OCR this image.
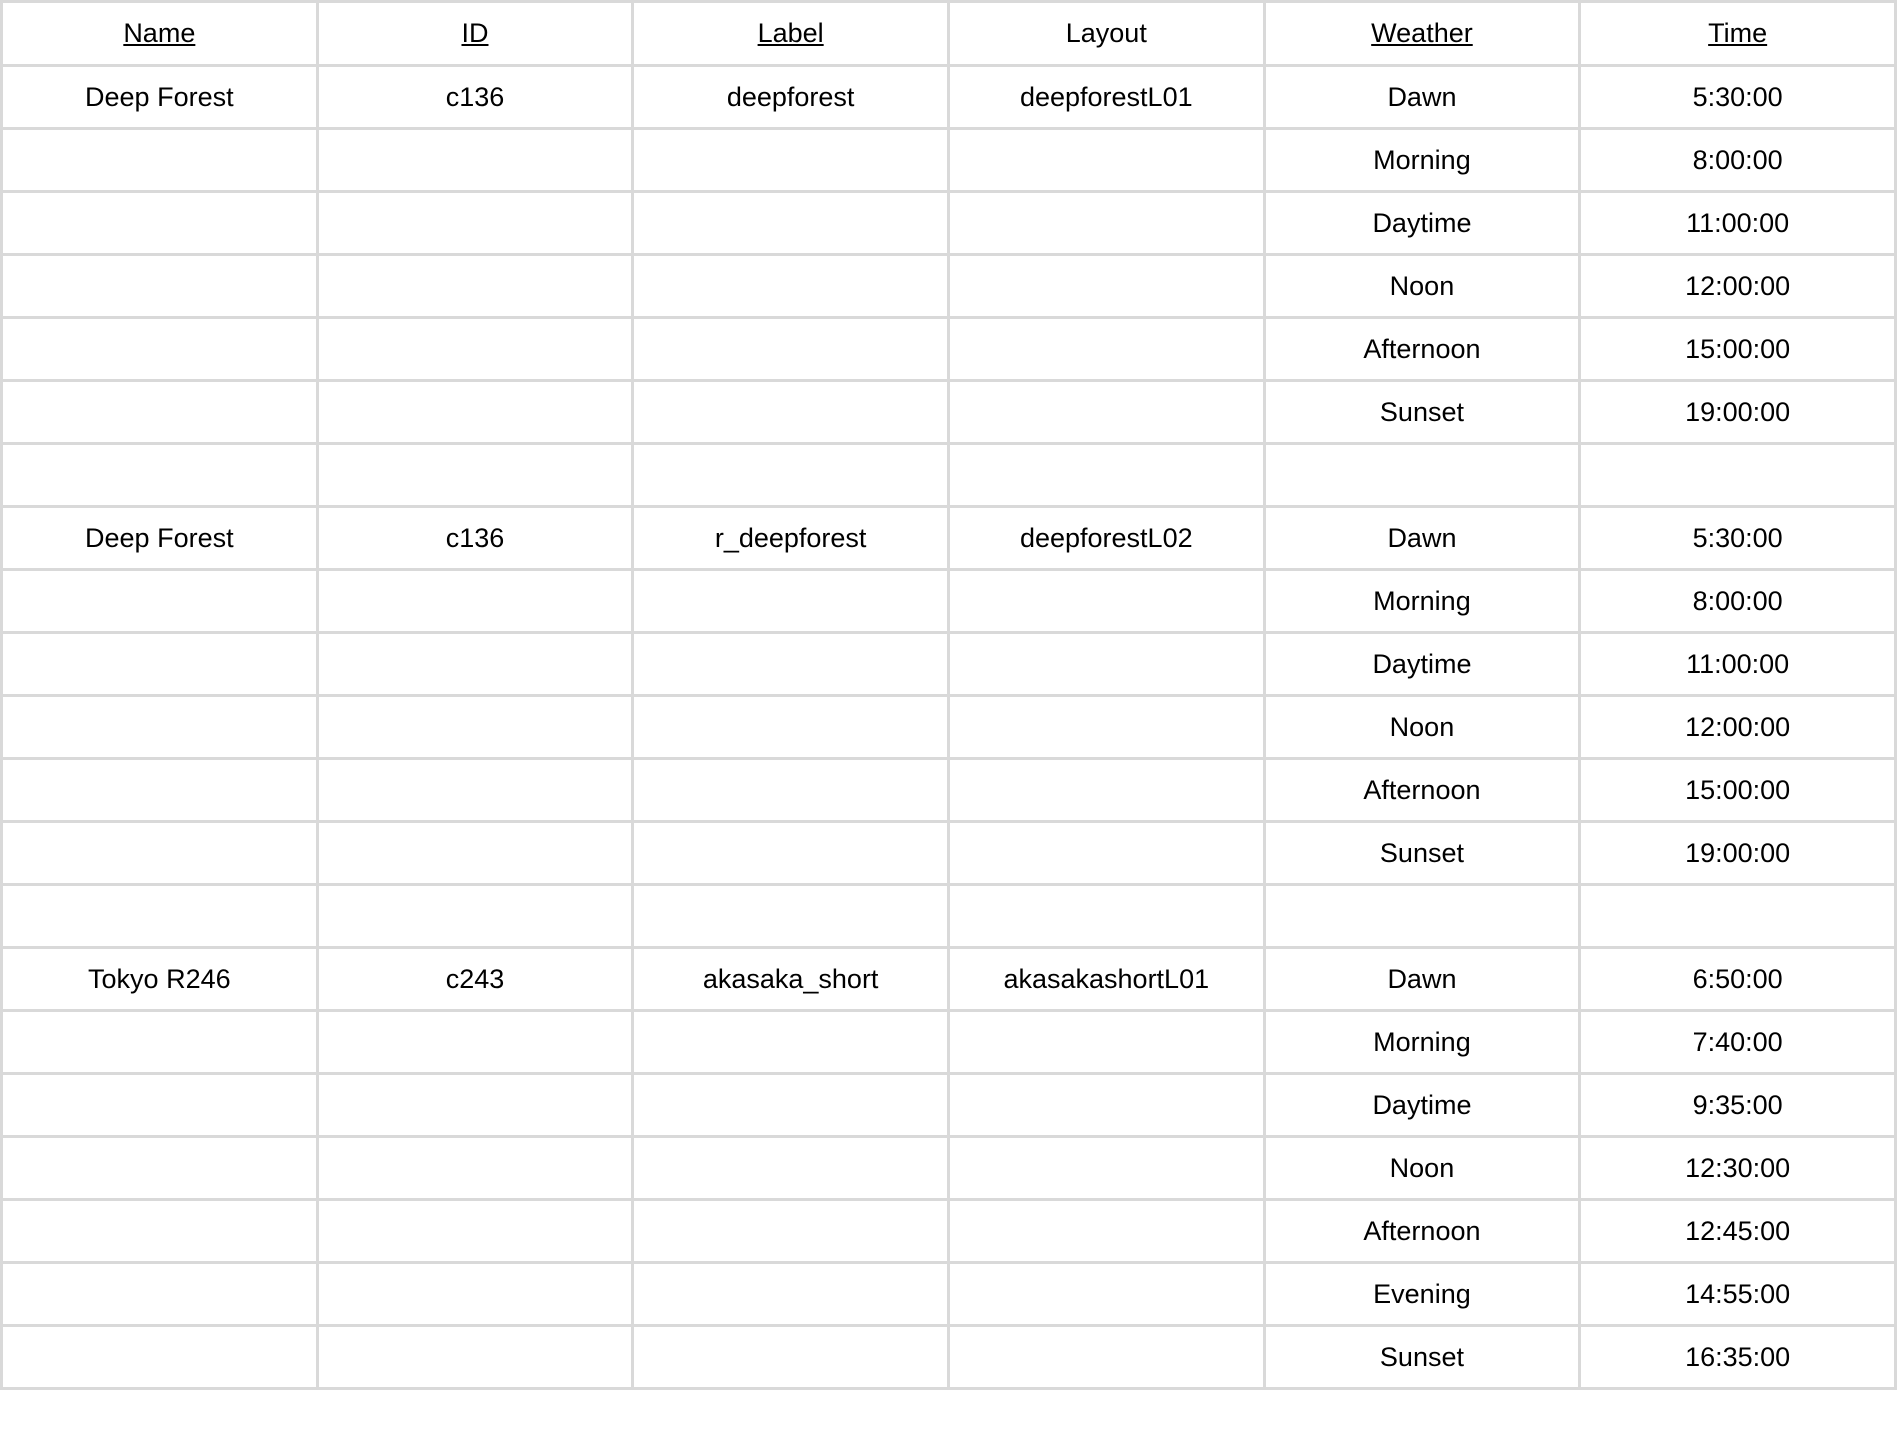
Name	ID	Label	Layout	Weather	Time
Deep Forest	c136	deepforest	deepforestL01	Dawn	5:30:00
				Morning	8:00:00
				Daytime	11:00:00
				Noon	12:00:00
				Afternoon	15:00:00
				Sunset	19:00:00

Deep Forest	c136	r_deepforest	deepforestL02	Dawn	5:30:00
				Morning	8:00:00
				Daytime	11:00:00
				Noon	12:00:00
				Afternoon	15:00:00
				Sunset	19:00:00

Tokyo R246	c243	akasaka_short	akasakashortL01	Dawn	6:50:00
				Morning	7:40:00
				Daytime	9:35:00
				Noon	12:30:00
				Afternoon	12:45:00
				Evening	14:55:00
				Sunset	16:35:00
